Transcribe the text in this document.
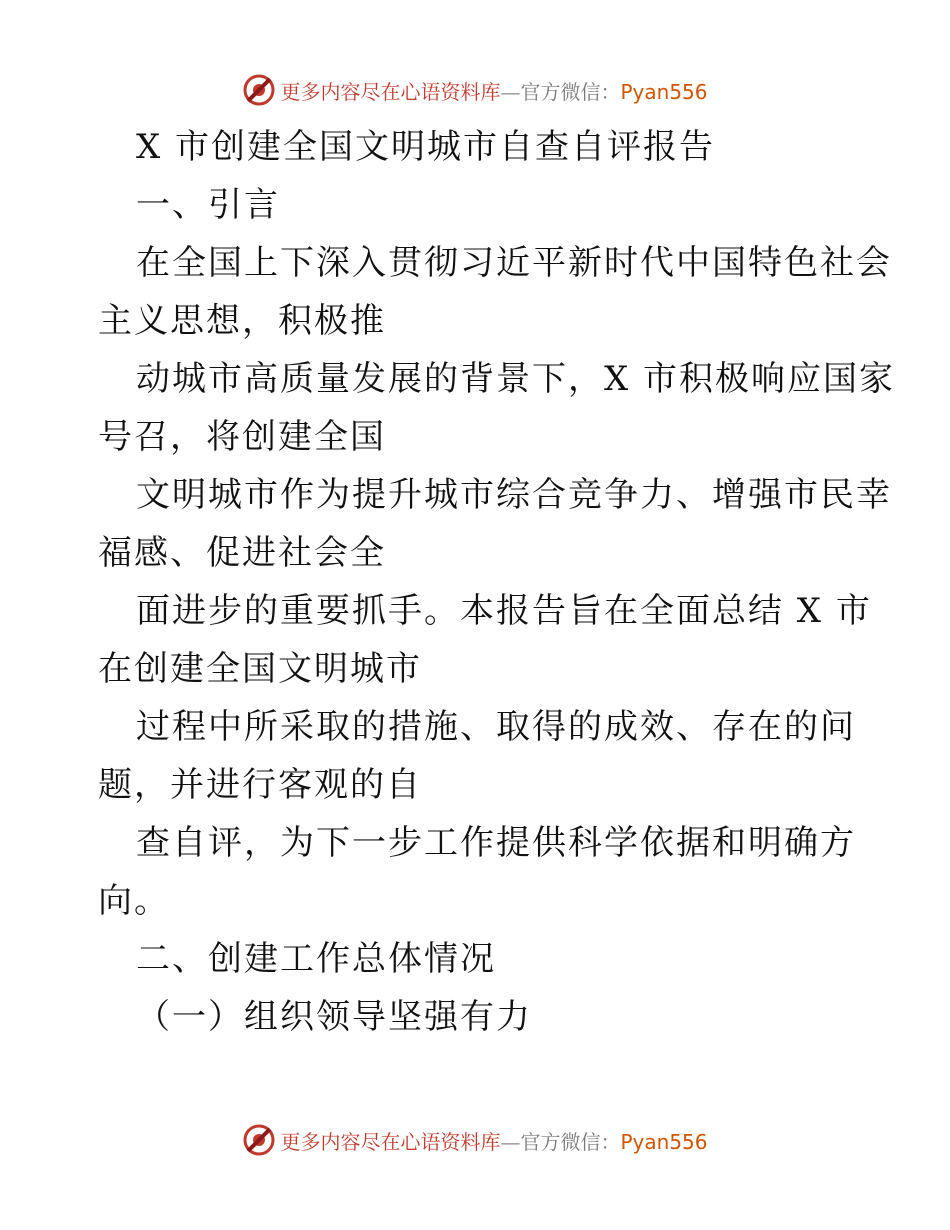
更多内容尽在心语资料库—官方微信：Pyan556
X 市创建全国文明城市自查自评报告
一、引言
在全国上下深入贯彻习近平新时代中国特色社会
主义思想，积极推
动城市高质量发展的背景下，X 市积极响应国家
号召，将创建全国
文明城市作为提升城市综合竞争力、增强市民幸
福感、促进社会全
面进步的重要抓手。本报告旨在全面总结 X 市
在创建全国文明城市
过程中所采取的措施、取得的成效、存在的问
题，并进行客观的自
查自评，为下一步工作提供科学依据和明确方
向。
二、创建工作总体情况
（一）组织领导坚强有力
更多内容尽在心语资料库—官方微信：Pyan556
